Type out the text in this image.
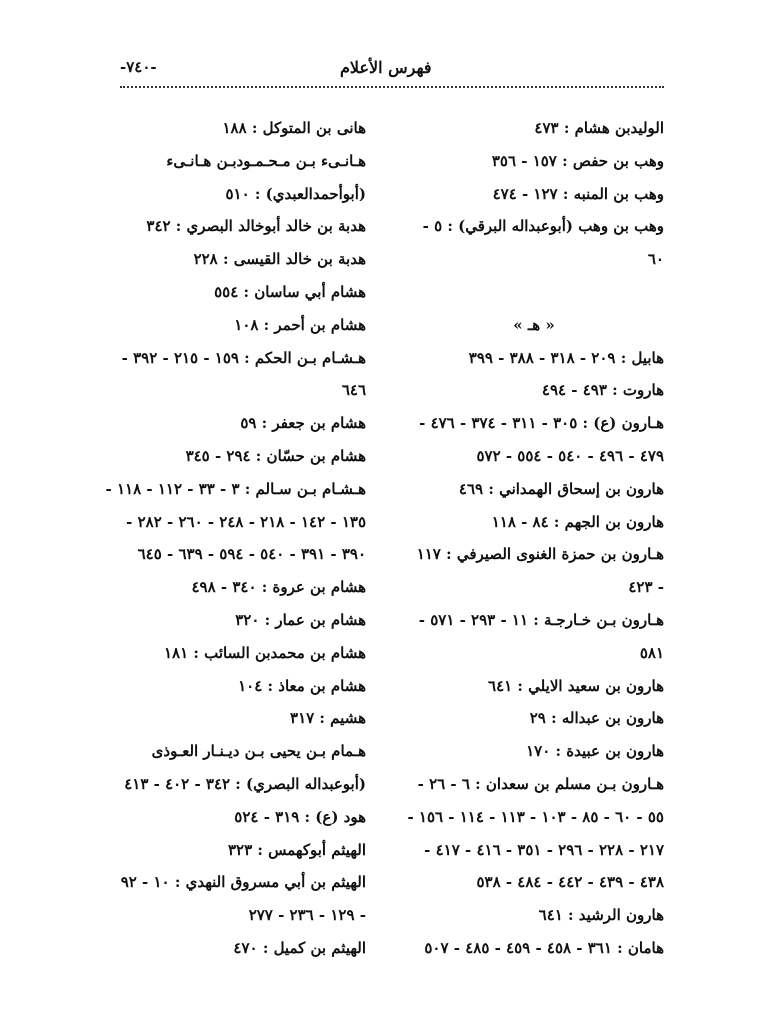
-٧٤٠-	فهرس الأعلام
الوليدبن هشام : ٤٧٣
وهب بن حفص : ١٥٧ - ٣٥٦
وهب بن المنبه : ١٢٧ - ٤٧٤
وهب بن وهب (أبوعبداله البرقي) : ٥ -
٦٠
« هـ »
هابيل : ٢٠٩ - ٣١٨ - ٣٨٨ - ٣٩٩
هاروت : ٤٩٣ - ٤٩٤
هـارون (ع) : ٣٠٥ - ٣١١ - ٣٧٤ - ٤٧٦ -
٤٧٩ - ٤٩٦ - ٥٤٠ - ٥٥٤ - ٥٧٢
هارون بن إسحاق الهمداني : ٤٦٩
هارون بن الجهم : ٨٤ - ١١٨
هـارون بن حمزة الغنوى الصيرفي : ١١٧
- ٤٢٣
هـارون بـن خـارجـة : ١١ - ٢٩٣ - ٥٧١ -
٥٨١
هارون بن سعيد الايلي : ٦٤١
هارون بن عبداله : ٢٩
هارون بن عبيدة : ١٧٠
هـارون بـن مسلم بن سعدان : ٦ - ٢٦ -
٥٥ - ٦٠ - ٨٥ - ١٠٣ - ١١٣ - ١١٤ - ١٥٦ -
٢١٧ - ٢٢٨ - ٢٩٦ - ٣٥١ - ٤١٦ - ٤١٧ -
٤٣٨ - ٤٣٩ - ٤٤٢ - ٤٨٤ - ٥٣٨
هارون الرشيد : ٦٤١
هامان : ٣٦١ - ٤٥٨ - ٤٥٩ - ٤٨٥ - ٥٠٧
هانى بن المتوكل : ١٨٨
هـانـىء بـن مـحـمـودبـن هـانـىء
(أبوأحمدالعبدي) : ٥١٠
هدبة بن خالد أبوخالد البصري : ٣٤٢
هدبة بن خالد القيسى : ٢٢٨
هشام أبي ساسان : ٥٥٤
هشام بن أحمر : ١٠٨
هـشـام بـن الحكم : ١٥٩ - ٢١٥ - ٣٩٢ -
٦٤٦
هشام بن جعفر : ٥٩
هشام بن حسّان : ٢٩٤ - ٣٤٥
هـشـام بـن سـالم : ٣ - ٣٣ - ١١٢ - ١١٨ -
١٣٥ - ١٤٢ - ٢١٨ - ٢٤٨ - ٢٦٠ - ٢٨٢ -
٣٩٠ - ٣٩١ - ٥٤٠ - ٥٩٤ - ٦٣٩ - ٦٤٥
هشام بن عروة : ٣٤٠ - ٤٩٨
هشام بن عمار : ٣٢٠
هشام بن محمدبن السائب : ١٨١
هشام بن معاذ : ١٠٤
هشيم : ٣١٧
هـمام بـن يحيى بـن ديـنـار العـوذى
(أبوعبداله البصري) : ٣٤٢ - ٤٠٢ - ٤١٣
هود (ع) : ٣١٩ - ٥٢٤
الهيثم أبوكهمس : ٣٢٣
الهيثم بن أبي مسروق النهدي : ١٠ - ٩٢
- ١٢٩ - ٢٣٦ - ٢٧٧
الهيثم بن كميل : ٤٧٠
